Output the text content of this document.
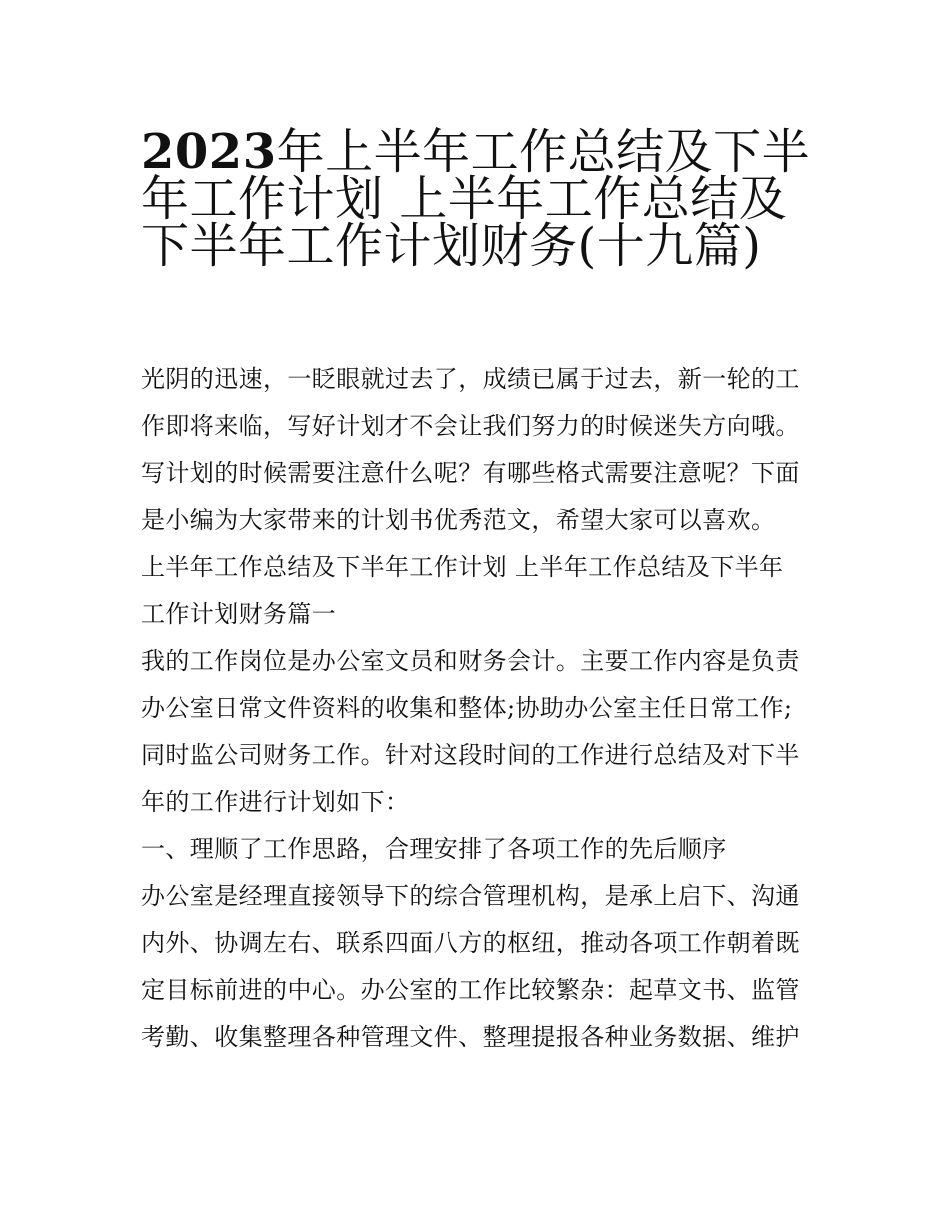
2023年上半年工作总结及下半
年工作计划 上半年工作总结及
下半年工作计划财务(十九篇)
光阴的迅速，一眨眼就过去了，成绩已属于过去，新一轮的工
作即将来临，写好计划才不会让我们努力的时候迷失方向哦。
写计划的时候需要注意什么呢？有哪些格式需要注意呢？下面
是小编为大家带来的计划书优秀范文，希望大家可以喜欢。
上半年工作总结及下半年工作计划 上半年工作总结及下半年
工作计划财务篇一
我的工作岗位是办公室文员和财务会计。主要工作内容是负责
办公室日常文件资料的收集和整体;协助办公室主任日常工作;
同时监公司财务工作。针对这段时间的工作进行总结及对下半
年的工作进行计划如下：
一、理顺了工作思路，合理安排了各项工作的先后顺序
办公室是经理直接领导下的综合管理机构，是承上启下、沟通
内外、协调左右、联系四面八方的枢纽，推动各项工作朝着既
定目标前进的中心。办公室的工作比较繁杂：起草文书、监管
考勤、收集整理各种管理文件、整理提报各种业务数据、维护
